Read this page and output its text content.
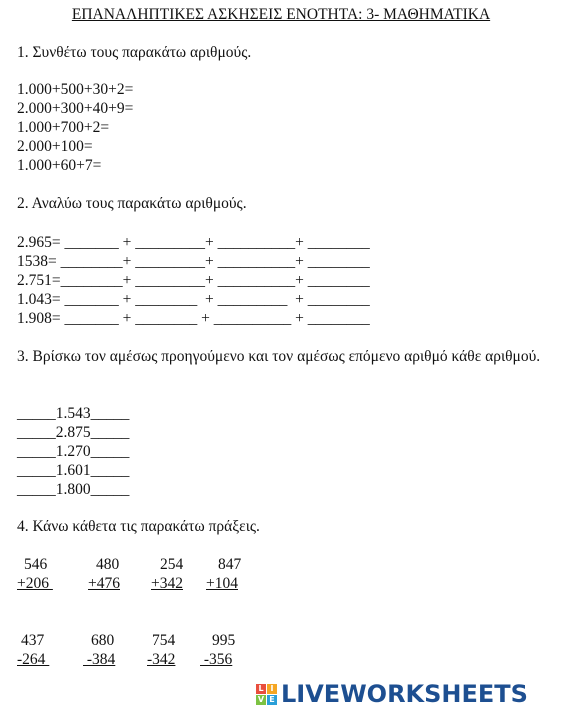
ΕΠΑΝΑΛΗΠΤΙΚΕΣ ΑΣΚΗΣΕΙΣ ΕΝΟΤΗΤΑ: 3- ΜΑΘΗΜΑΤΙΚΑ
1. Συνθέτω τους παρακάτω αριθμούς.
1.000+500+30+2=
2.000+300+40+9=
1.000+700+2=
2.000+100=
1.000+60+7=
2. Αναλύω τους παρακάτω αριθμούς.
2.965= _______ + _________+ __________+ ________
1538= ________+ _________+ __________+ ________
2.751=________+ _________+ __________+ ________
1.043= _______ + ________  + _________  + ________
1.908= _______ + ________ + __________ + ________
3. Βρίσκω τον αμέσως προηγούμενο και τον αμέσως επόμενο αριθμό κάθε αριθμού.
_____1.543_____
_____2.875_____
_____1.270_____
_____1.601_____
_____1.800_____
4. Κάνω κάθετα τις παρακάτω πράξεις.
546
+206
480
+476
254
+342
847
+104
437
-264
680
-384
754
-342
995
-356
L I
V E LIVEWORKSHEETS
